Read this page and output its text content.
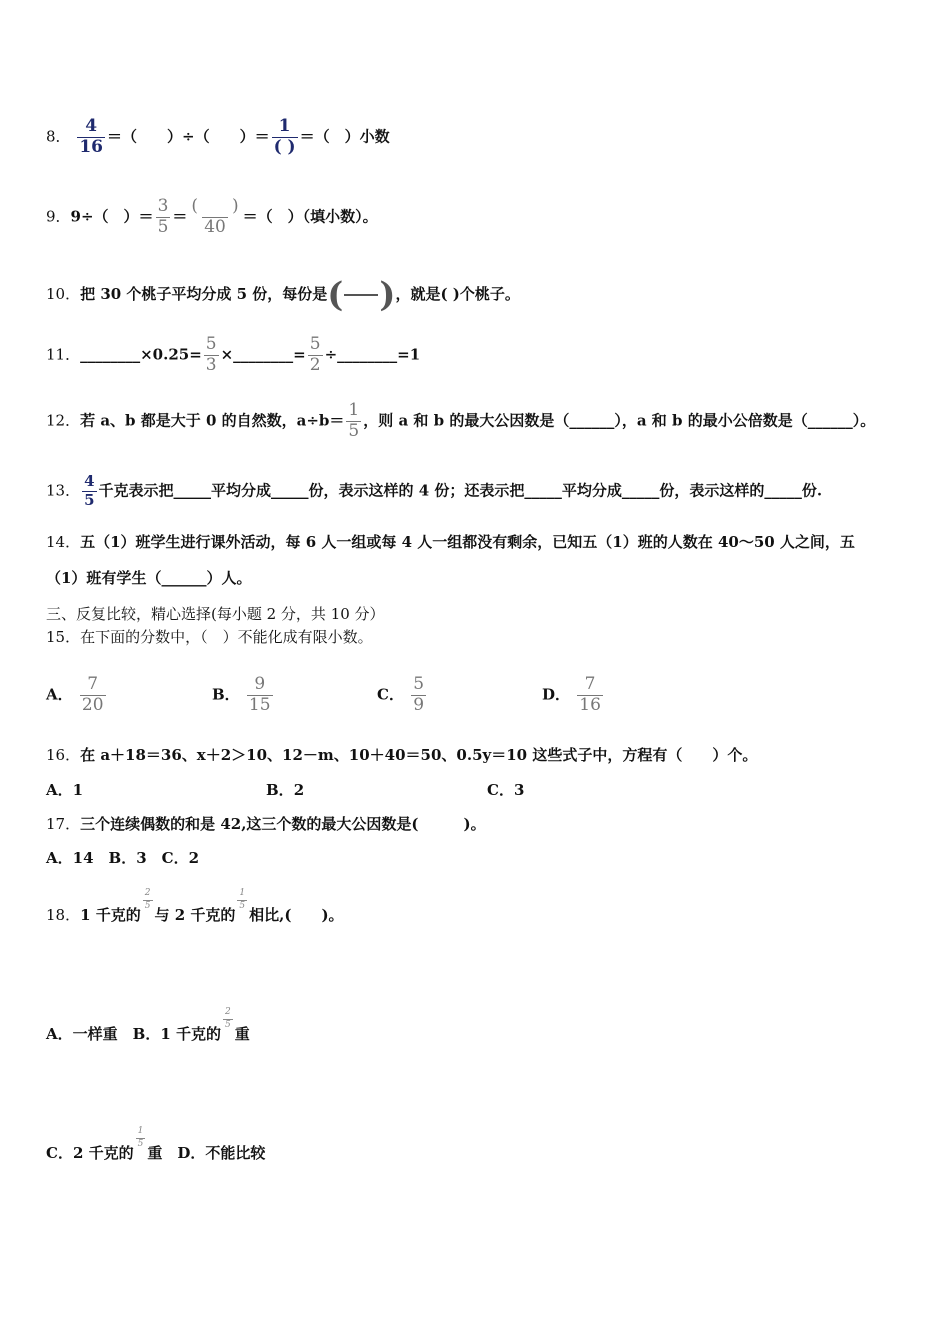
8． $\frac{4}{16}$ ＝（　　）÷（　　）＝ $\frac{1}{( )}$ ＝（　）小数
9．9÷（　）＝ $\frac{3}{5} = \frac{( )}{40}$ ＝（　）（填小数）。
10．把 30 个桃子平均分成 5 份，每份是( )，就是( )个桃子。
11．________×0.25= $\frac{5}{3}$ ×________= $\frac{5}{2}$ ÷________=1
12．若 a、b 都是大于 0 的自然数，$a\div b= \frac{1}{5}$ ，则 a 和 b 的最大公因数是（______），a 和 b 的最小公倍数是（______）。
13． $\frac{4}{5}$ 千克表示把_____平均分成_____份，表示这样的 4 份；还表示把_____平均分成_____份，表示这样的_____份.
14．五（1）班学生进行课外活动，每 6 人一组或每 4 人一组都没有剩余，已知五（1）班的人数在 40～50 人之间，五
（1）班有学生（______）人。
三、反复比较，精心选择(每小题 2 分，共 10 分）
15．在下面的分数中，（　）不能化成有限小数。
A． $\frac{7}{20}$	B． $\frac{9}{15}$	C． $\frac{5}{9}$	D． $\frac{7}{16}$
16．在 a＋18＝36、x＋2＞10、12－m、10＋40＝50、0.5y＝10 这些式子中，方程有（　　）个。
A．1	B．2	C．3
17．三个连续偶数的和是 42,这三个数的最大公因数是(　　　)。
A．14　B．3　C．2
18．1 千克的
$\frac{2}{5}$
与 2 千克的
$\frac{1}{5}$
相比,(　　)。
A．一样重　B．1 千克的
$\frac{2}{5}$
重
C．2 千克的
$\frac{1}{5}$
重　D．不能比较
